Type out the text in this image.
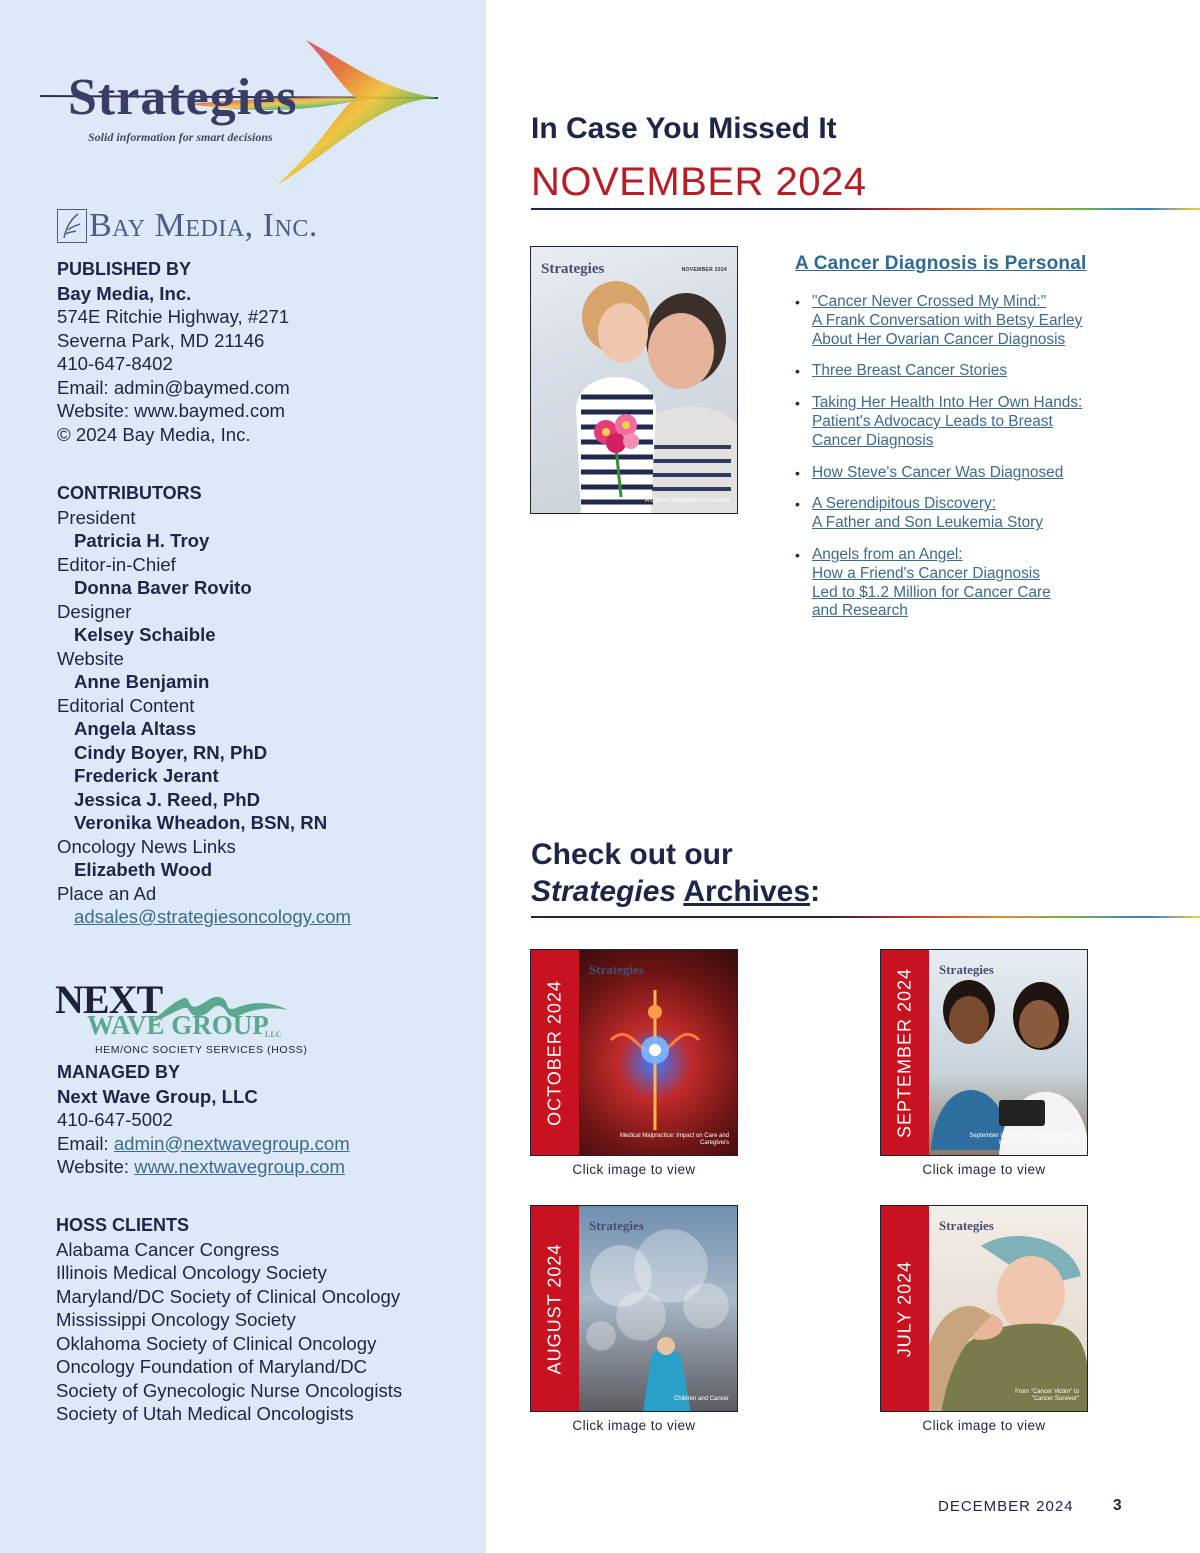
Strategies
Solid information for smart decisions
Bay Media, Inc.
PUBLISHED BY
Bay Media, Inc.
574E Ritchie Highway, #271
Severna Park, MD 21146
410-647-8402
Email: admin@baymed.com
Website: www.baymed.com
© 2024 Bay Media, Inc.
CONTRIBUTORS
President
Patricia H. Troy
Editor-in-Chief
Donna Baver Rovito
Designer
Kelsey Schaible
Website
Anne Benjamin
Editorial Content
Angela Altass
Cindy Boyer, RN, PhD
Frederick Jerant
Jessica J. Reed, PhD
Veronika Wheadon, BSN, RN
Oncology News Links
Elizabeth Wood
Place an Ad
adsales@strategiesoncology.com
NEXT
WAVE GROUP
LLC
HEM/ONC SOCIETY SERVICES (HOSS)
MANAGED BY
Next Wave Group, LLC
410-647-5002
Email: admin@nextwavegroup.com
Website: www.nextwavegroup.com
HOSS CLIENTS
Alabama Cancer Congress
Illinois Medical Oncology Society
Maryland/DC Society of Clinical Oncology
Mississippi Oncology Society
Oklahoma Society of Clinical Oncology
Oncology Foundation of Maryland/DC
Society of Gynecologic Nurse Oncologists
Society of Utah Medical Oncologists
In Case You Missed It
NOVEMBER 2024
Strategies	NOVEMBER 2024
A Cancer Diagnosis is Personal
A Cancer Diagnosis is Personal
• "Cancer Never Crossed My Mind:"
A Frank Conversation with Betsy Earley
About Her Ovarian Cancer Diagnosis
• Three Breast Cancer Stories
• Taking Her Health Into Her Own Hands:
Patient's Advocacy Leads to Breast
Cancer Diagnosis
• How Steve's Cancer Was Diagnosed
• A Serendipitous Discovery:
A Father and Son Leukemia Story
• Angels from an Angel:
How a Friend's Cancer Diagnosis
Led to $1.2 Million for Cancer Care
and Research
Check out our
Strategies Archives:
OCTOBER 2024
Strategies
Medical Malpractice: Impact on Care and Caregivers
Click image to view
SEPTEMBER 2024 Strategies
September is Women in Medicine Month: Honoring Women in Oncology
Click image to view
AUGUST 2024
Strategies
Children and Cancer
Click image to view
JULY 2024
Strategies
From "Cancer Victim" to "Cancer Survivor"
Click image to view
DECEMBER 2024	3
